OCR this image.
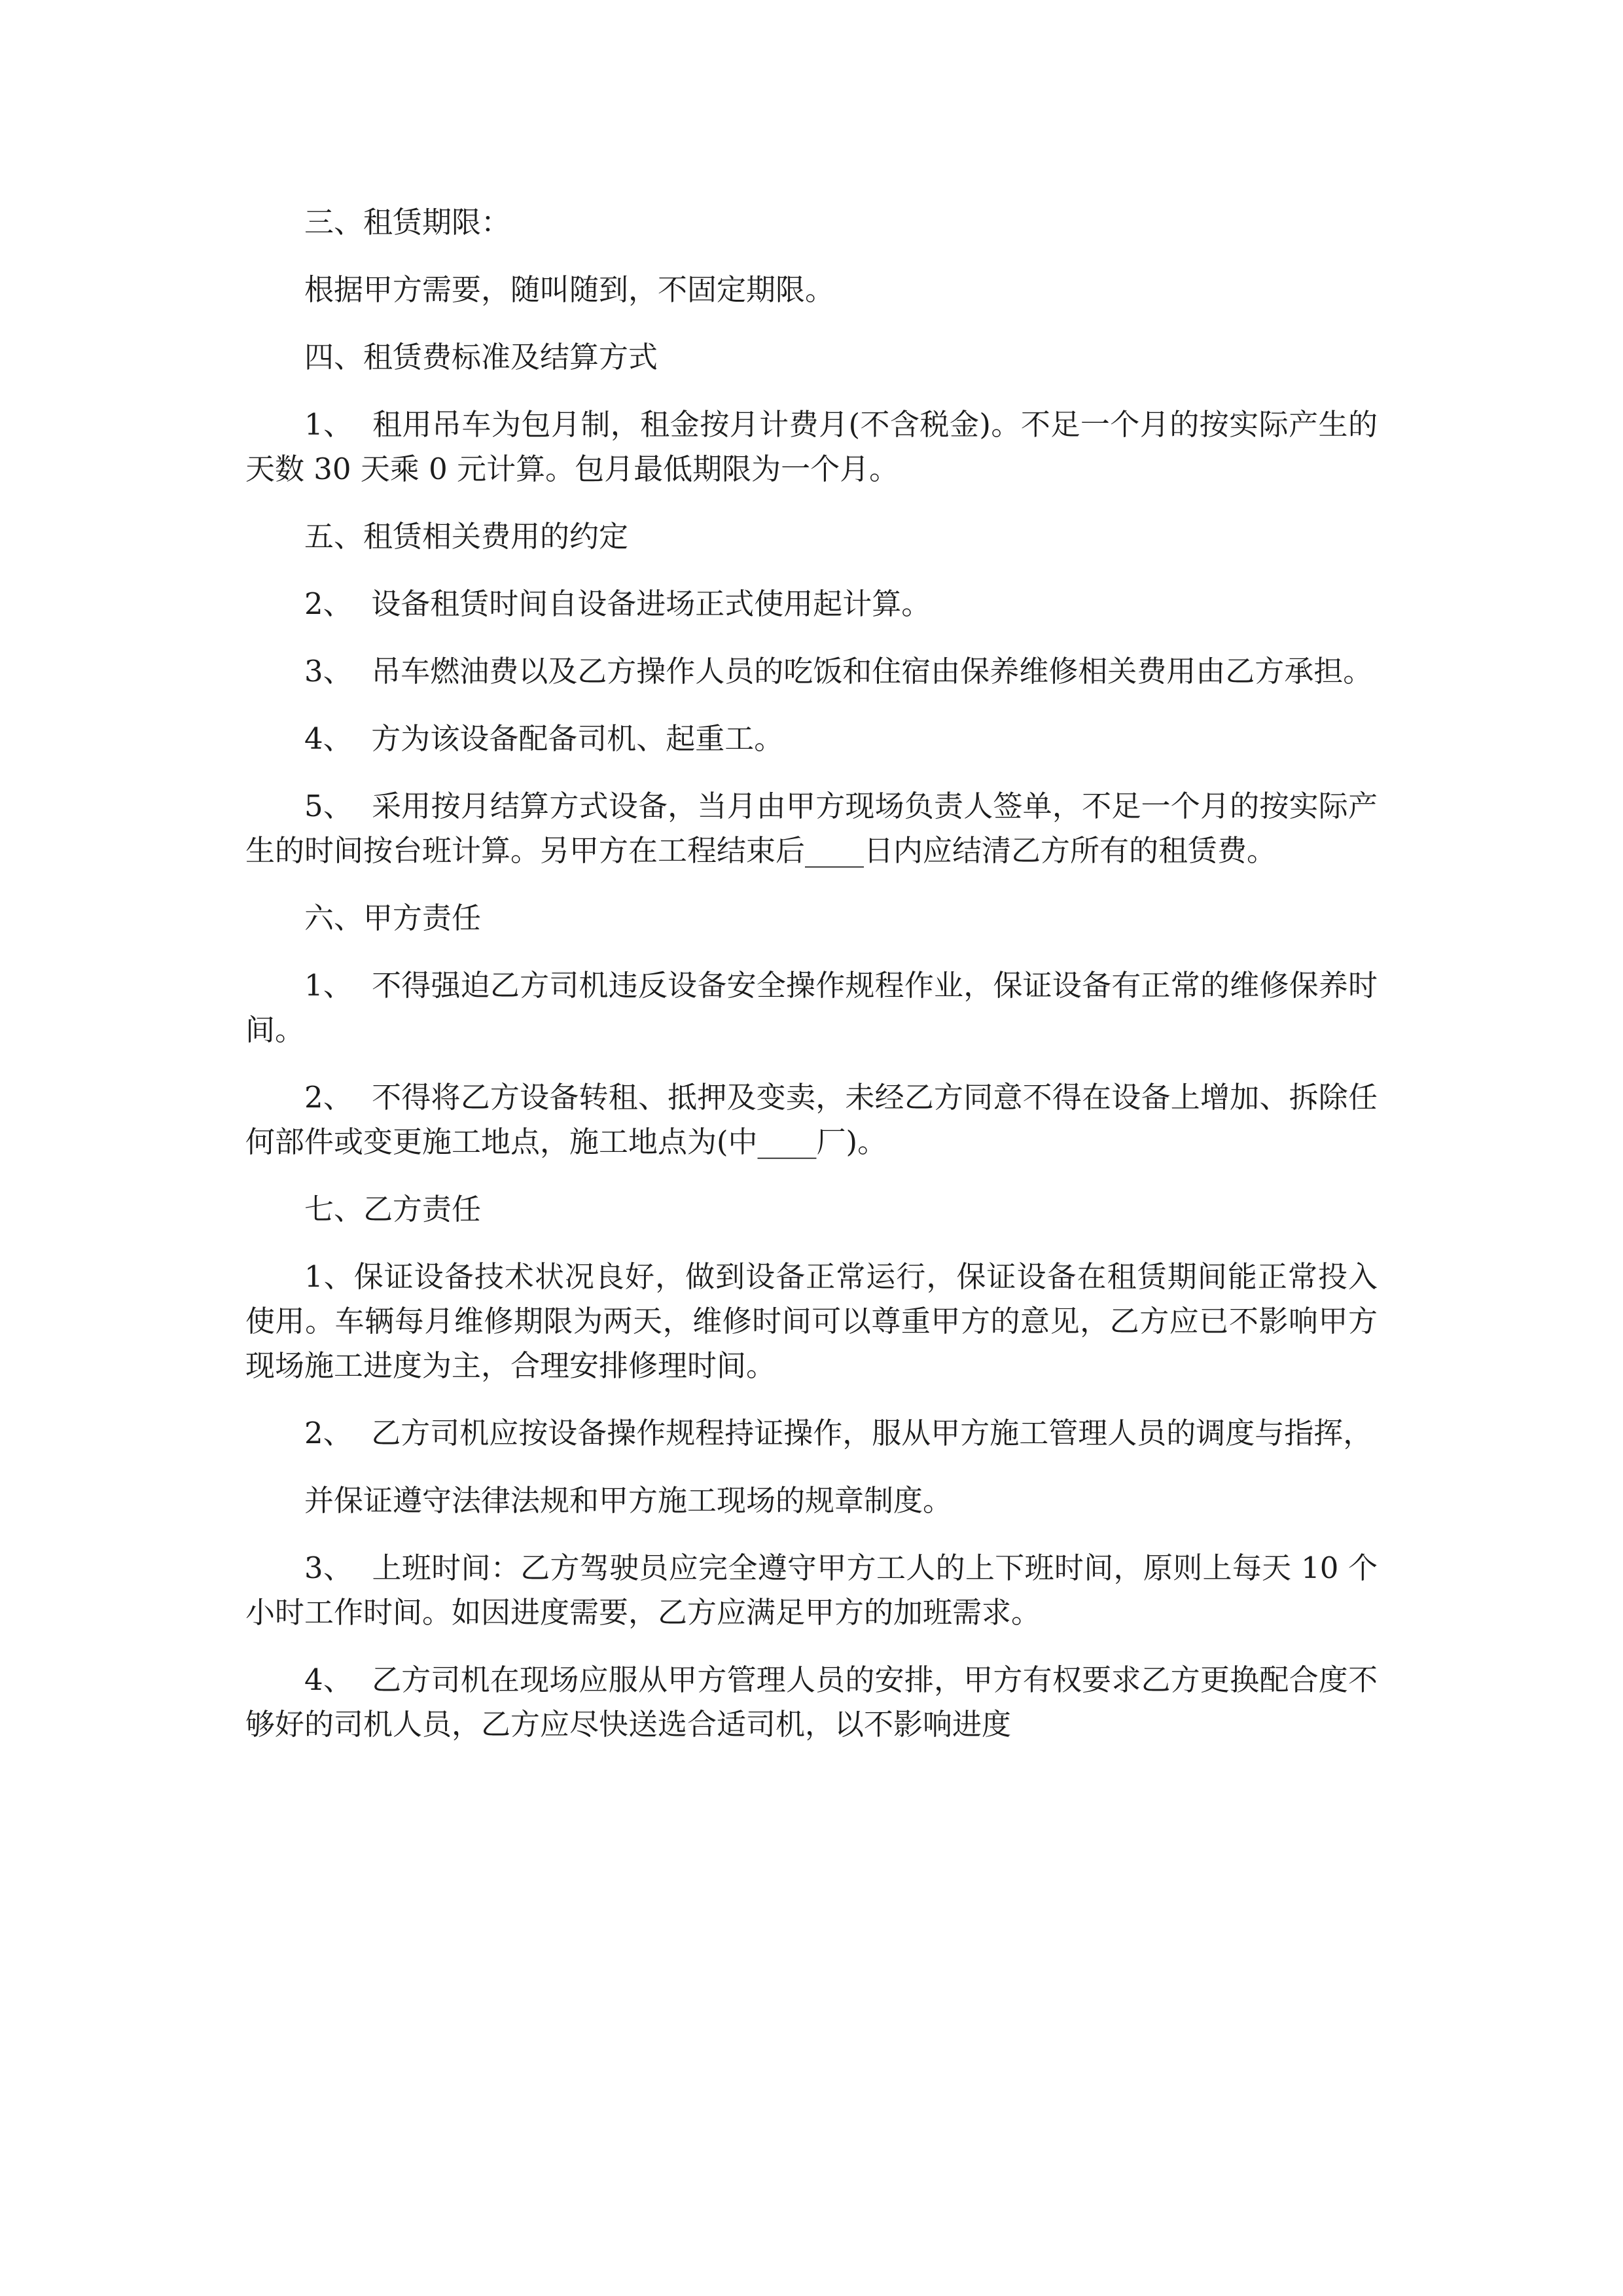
三、租赁期限：

根据甲方需要，随叫随到，不固定期限。

四、租赁费标准及结算方式

1、  租用吊车为包月制，租金按月计费月(不含税金)。不足一个月的按实际产生的天数 30 天乘 0 元计算。包月最低期限为一个月。

五、租赁相关费用的约定

2、  设备租赁时间自设备进场正式使用起计算。

3、  吊车燃油费以及乙方操作人员的吃饭和住宿由保养维修相关费用由乙方承担。

4、  方为该设备配备司机、起重工。

5、  采用按月结算方式设备，当月由甲方现场负责人签单，不足一个月的按实际产生的时间按台班计算。另甲方在工程结束后____日内应结清乙方所有的租赁费。

六、甲方责任

1、  不得强迫乙方司机违反设备安全操作规程作业，保证设备有正常的维修保养时间。

2、  不得将乙方设备转租、抵押及变卖，未经乙方同意不得在设备上增加、拆除任何部件或变更施工地点，施工地点为(中____厂)。

七、乙方责任

1、保证设备技术状况良好，做到设备正常运行，保证设备在租赁期间能正常投入使用。车辆每月维修期限为两天，维修时间可以尊重甲方的意见，乙方应已不影响甲方现场施工进度为主，合理安排修理时间。

2、  乙方司机应按设备操作规程持证操作，服从甲方施工管理人员的调度与指挥，

并保证遵守法律法规和甲方施工现场的规章制度。

3、  上班时间：乙方驾驶员应完全遵守甲方工人的上下班时间，原则上每天 10 个小时工作时间。如因进度需要，乙方应满足甲方的加班需求。

4、  乙方司机在现场应服从甲方管理人员的安排，甲方有权要求乙方更换配合度不够好的司机人员，乙方应尽快送选合适司机，以不影响进度
